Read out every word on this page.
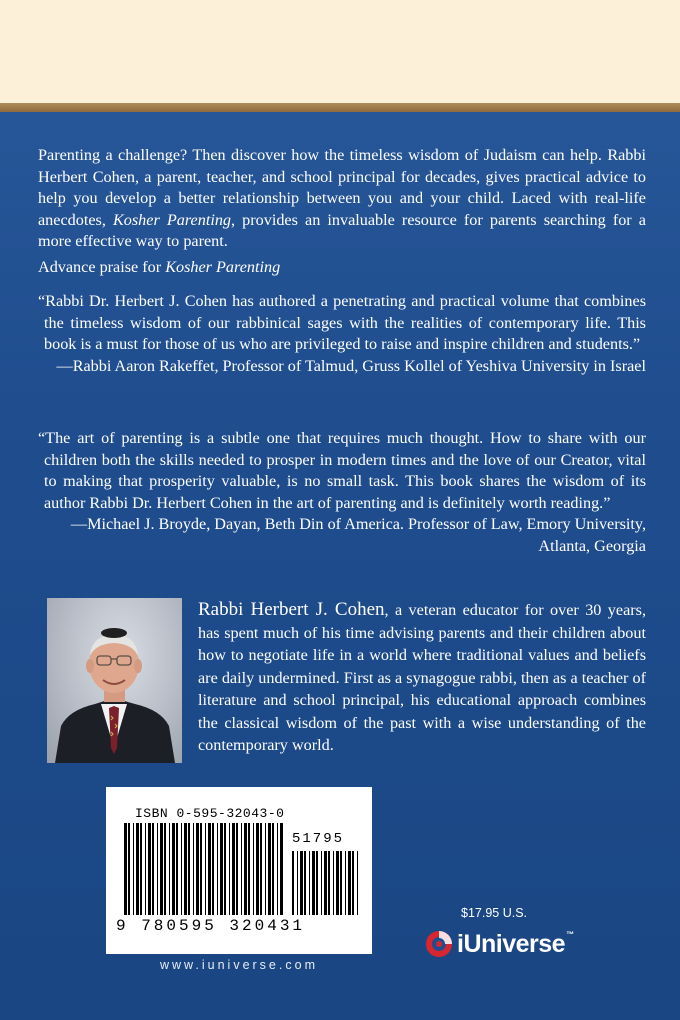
Parenting a challenge? Then discover how the timeless wisdom of Judaism can help. Rabbi Herbert Cohen, a parent, teacher, and school principal for decades, gives practical advice to help you develop a better relationship between you and your child. Laced with real-life anecdotes, Kosher Parenting, provides an invaluable resource for parents searching for a more effective way to parent.
Advance praise for Kosher Parenting

“Rabbi Dr. Herbert J. Cohen has authored a penetrating and practical volume that combines the timeless wisdom of our rabbinical sages with the realities of contemporary life. This book is a must for those of us who are privileged to raise and inspire children and students.”

—Rabbi Aaron Rakeffet, Professor of Talmud, Gruss Kollel of Yeshiva University in Israel

“The art of parenting is a subtle one that requires much thought. How to share with our children both the skills needed to prosper in modern times and the love of our Creator, vital to making that prosperity valuable, is no small task. This book shares the wisdom of its author Rabbi Dr. Herbert Cohen in the art of parenting and is definitely worth reading.”

—Michael J. Broyde, Dayan, Beth Din of America. Professor of Law, Emory University, Atlanta, Georgia

Rabbi Herbert J. Cohen, a veteran educator for over 30 years, has spent much of his time advising parents and their children about how to negotiate life in a world where traditional values and beliefs are daily undermined. First as a synagogue rabbi, then as a teacher of literature and school principal, his educational approach combines the classical wisdom of the past with a wise understanding of the contemporary world.
ISBN 0-595-32043-0
51795
9 780595 320431
www.iuniverse.com
$17.95 U.S.
iUniverse™
